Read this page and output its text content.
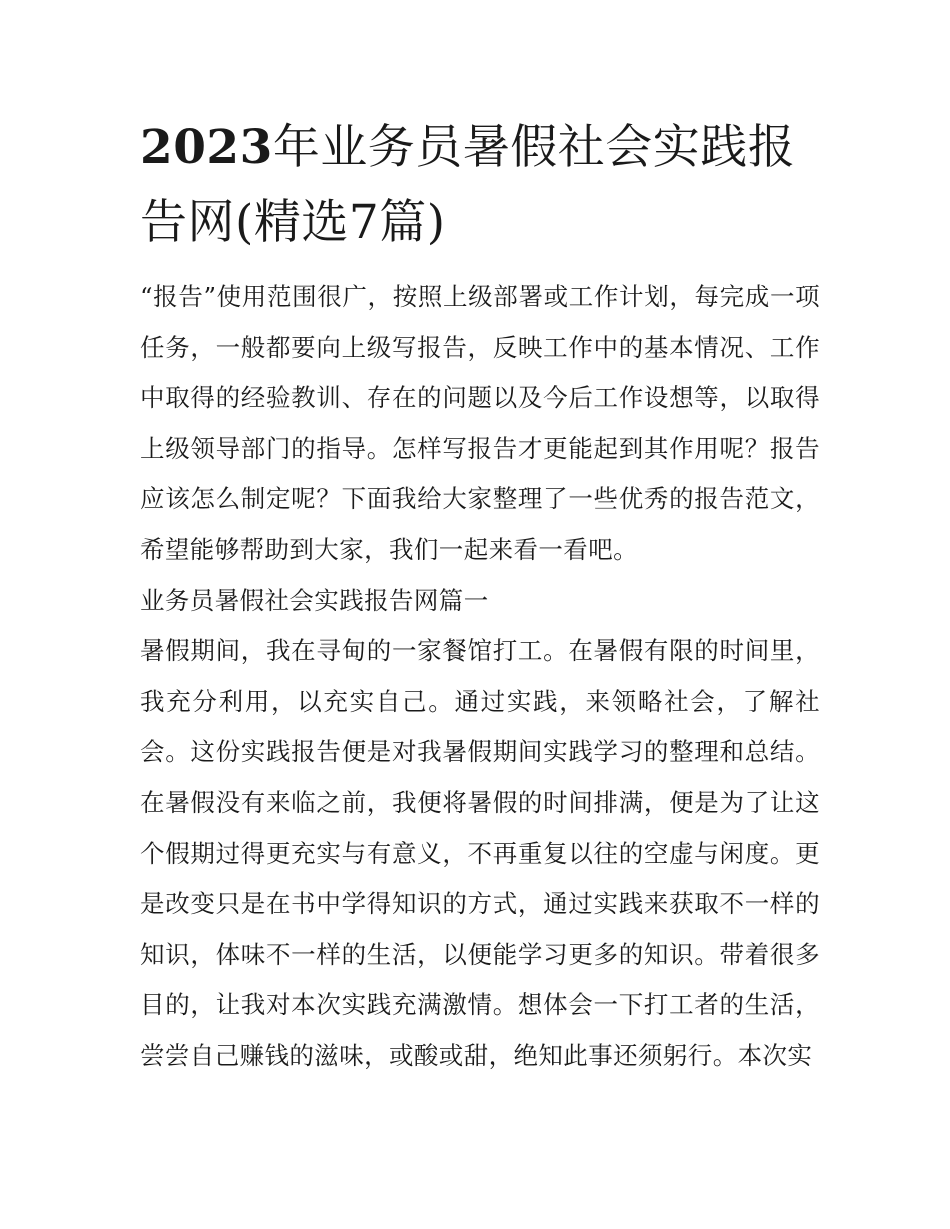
2023年业务员暑假社会实践报告网(精选7篇)

“报告”使用范围很广，按照上级部署或工作计划，每完成一项任务，一般都要向上级写报告，反映工作中的基本情况、工作中取得的经验教训、存在的问题以及今后工作设想等，以取得上级领导部门的指导。怎样写报告才更能起到其作用呢？报告应该怎么制定呢？下面我给大家整理了一些优秀的报告范文，希望能够帮助到大家，我们一起来看一看吧。

业务员暑假社会实践报告网篇一

暑假期间，我在寻甸的一家餐馆打工。在暑假有限的时间里，我充分利用，以充实自己。通过实践，来领略社会，了解社会。这份实践报告便是对我暑假期间实践学习的整理和总结。在暑假没有来临之前，我便将暑假的时间排满，便是为了让这个假期过得更充实与有意义，不再重复以往的空虚与闲度。更是改变只是在书中学得知识的方式，通过实践来获取不一样的知识，体味不一样的生活，以便能学习更多的知识。带着很多目的，让我对本次实践充满激情。想体会一下打工者的生活，尝尝自己赚钱的滋味，或酸或甜，绝知此事还须躬行。本次实
